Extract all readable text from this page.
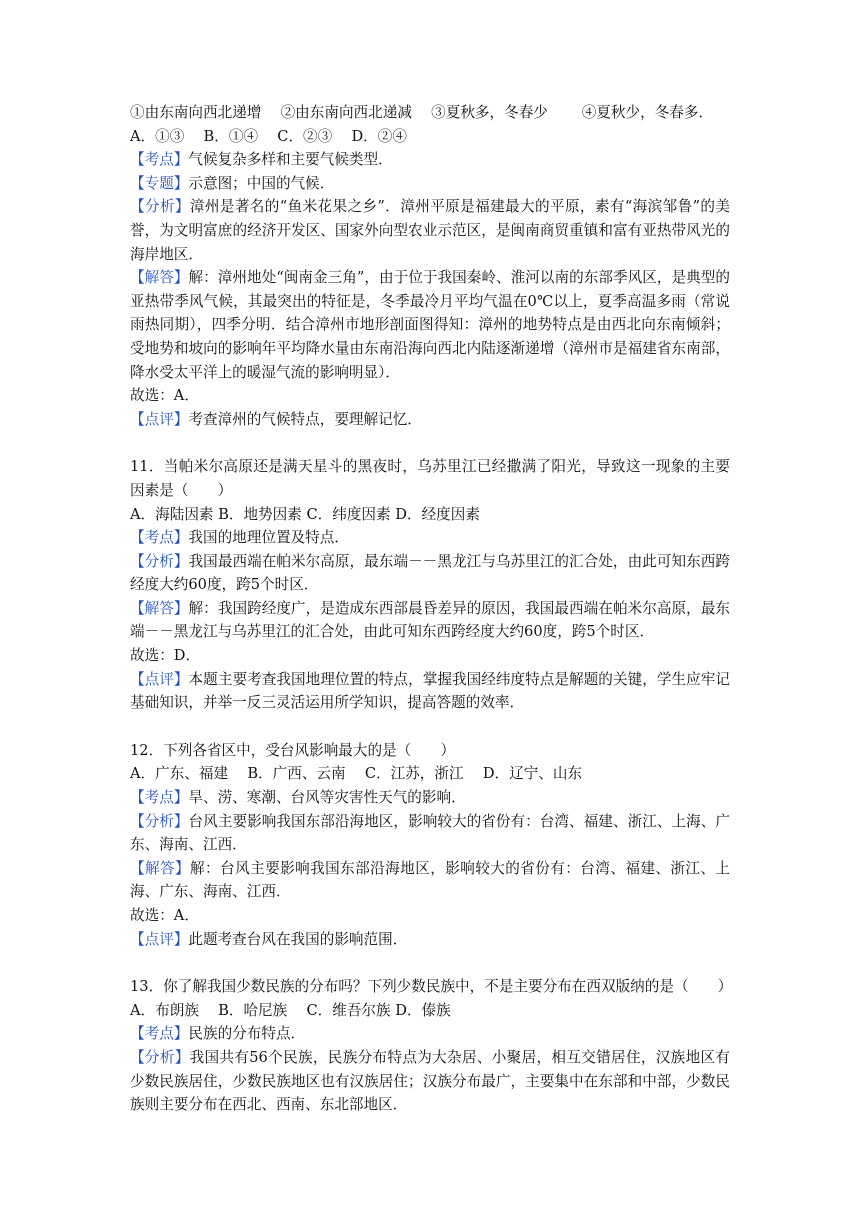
①由东南向西北递增　 ②由东南向西北递减　 ③夏秋多，冬春少　　 ④夏秋少，冬春多．

A．①③　 B．①④　 C．②③　 D．②④

【考点】气候复杂多样和主要气候类型．

【专题】示意图；中国的气候．

【分析】漳州是著名的“鱼米花果之乡”．漳州平原是福建最大的平原，素有“海滨邹鲁”的美誉，为文明富庶的经济开发区、国家外向型农业示范区，是闽南商贸重镇和富有亚热带风光的海岸地区．

【解答】解：漳州地处“闽南金三角”，由于位于我国秦岭、淮河以南的东部季风区，是典型的亚热带季风气候，其最突出的特征是，冬季最冷月平均气温在0℃以上，夏季高温多雨（常说雨热同期），四季分明．结合漳州市地形剖面图得知：漳州的地势特点是由西北向东南倾斜；受地势和坡向的影响年平均降水量由东南沿海向西北内陆逐渐递增（漳州市是福建省东南部，降水受太平洋上的暖湿气流的影响明显）．

故选：A．

【点评】考查漳州的气候特点，要理解记忆．

11．当帕米尔高原还是满天星斗的黑夜时，乌苏里江已经撒满了阳光，导致这一现象的主要因素是（　　）

A．海陆因素 B．地势因素 C．纬度因素 D．经度因素

【考点】我国的地理位置及特点．

【分析】我国最西端在帕米尔高原，最东端－－黑龙江与乌苏里江的汇合处，由此可知东西跨经度大约60度，跨5个时区．

【解答】解：我国跨经度广，是造成东西部晨昏差异的原因，我国最西端在帕米尔高原，最东端－－黑龙江与乌苏里江的汇合处，由此可知东西跨经度大约60度，跨5个时区．

故选：D．

【点评】本题主要考查我国地理位置的特点，掌握我国经纬度特点是解题的关键，学生应牢记基础知识，并举一反三灵活运用所学知识，提高答题的效率．

12．下列各省区中，受台风影响最大的是（　　）

A．广东、福建　 B．广西、云南　 C．江苏，浙江　 D．辽宁、山东

【考点】旱、涝、寒潮、台风等灾害性天气的影响．

【分析】台风主要影响我国东部沿海地区，影响较大的省份有：台湾、福建、浙江、上海、广东、海南、江西．

【解答】解：台风主要影响我国东部沿海地区，影响较大的省份有：台湾、福建、浙江、上海、广东、海南、江西．

故选：A．

【点评】此题考查台风在我国的影响范围．

13．你了解我国少数民族的分布吗？下列少数民族中，不是主要分布在西双版纳的是（　　）

A．布朗族　 B．哈尼族　 C．维吾尔族 D．傣族

【考点】民族的分布特点．

【分析】我国共有56个民族，民族分布特点为大杂居、小聚居，相互交错居住，汉族地区有少数民族居住，少数民族地区也有汉族居住；汉族分布最广，主要集中在东部和中部，少数民族则主要分布在西北、西南、东北部地区．
